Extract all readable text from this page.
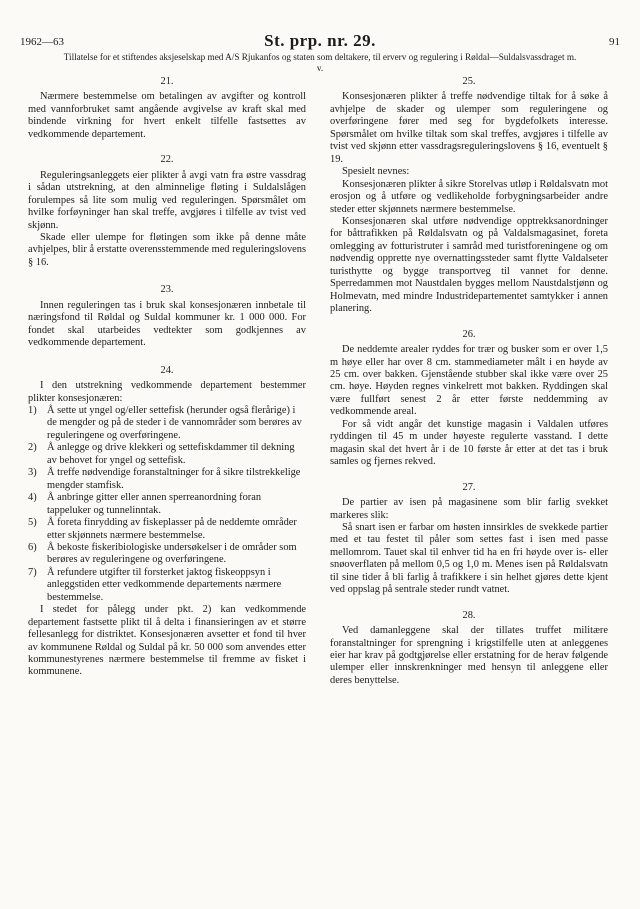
1962—63	St. prp. nr. 29.	91
Tillatelse for et stiftendes aksjeselskap med A/S Rjukanfos og staten som deltakere, til erverv og regulering i Røldal—Suldalsvassdraget m. v.
21.

Nærmere bestemmelse om betalingen av avgifter og kontroll med vannforbruket samt angående avgivelse av kraft skal med bindende virkning for hvert enkelt tilfelle fastsettes av vedkommende departement.

22.

Reguleringsanleggets eier plikter å avgi vatn fra østre vassdrag i sådan utstrekning, at den alminnelige fløting i Suldalslågen forulempes så lite som mulig ved reguleringen. Spørsmålet om hvilke forføyninger han skal treffe, avgjøres i tilfelle av tvist ved skjønn.

Skade eller ulempe for fløtingen som ikke på denne måte avhjelpes, blir å erstatte overensstemmende med reguleringslovens § 16.

23.

Innen reguleringen tas i bruk skal konsesjonæren innbetale til næringsfond til Røldal og Suldal kommuner kr. 1 000 000. For fondet skal utarbeides vedtekter som godkjennes av vedkommende departement.

24.

I den utstrekning vedkommende departement bestemmer plikter konsesjonæren:

1) Å sette ut yngel og/eller settefisk (herunder også flerårige) i de mengder og på de steder i de vannområder som berøres av reguleringene og overføringene.
2) Å anlegge og drive klekkeri og settefiskdammer til dekning av behovet for yngel og settefisk.
3) Å treffe nødvendige foranstaltninger for å sikre tilstrekkelige mengder stamfisk.
4) Å anbringe gitter eller annen sperreanordning foran tappeluker og tunnelinntak.
5) Å foreta finrydding av fiskeplasser på de neddemte områder etter skjønnets nærmere bestemmelse.
6) Å bekoste fiskeribiologiske undersøkelser i de områder som berøres av reguleringene og overføringene.
7) Å refundere utgifter til forsterket jaktog fiskeoppsyn i anleggstiden etter vedkommende departements nærmere bestemmelse.

I stedet for pålegg under pkt. 2) kan vedkommende departement fastsette plikt til å delta i finansieringen av et større fellesanlegg for distriktet. Konsesjonæren avsetter et fond til hver av kommunene Røldal og Suldal på kr. 50 000 som anvendes etter kommunestyrenes nærmere bestemmelse til fremme av fisket i kommunene.

25.

Konsesjonæren plikter å treffe nødvendige tiltak for å søke å avhjelpe de skader og ulemper som reguleringene og overføringene fører med seg for bygdefolkets interesse. Spørsmålet om hvilke tiltak som skal treffes, avgjøres i tilfelle av tvist ved skjønn etter vassdragsreguleringslovens § 16, eventuelt § 19.

Spesielt nevnes:

Konsesjonæren plikter å sikre Storelvas utløp i Røldalsvatn mot erosjon og å utføre og vedlikeholde forbygningsarbeider andre steder etter skjønnets nærmere bestemmelse.

Konsesjonæren skal utføre nødvendige opptrekksanordninger for båttrafikken på Røldalsvatn og på Valdalsmagasinet, foreta omlegging av fotturistruter i samråd med turistforeningene og om nødvendig opprette nye overnattingssteder samt flytte Valdalseter turisthytte og bygge transportveg til vannet for denne. Sperredammen mot Naustdalen bygges mellom Naustdalstjønn og Holmevatn, med mindre Industridepartementet samtykker i annen planering.

26.

De neddemte arealer ryddes for trær og busker som er over 1,5 m høye eller har over 8 cm. stammediameter målt i en høyde av 25 cm. over bakken. Gjenstående stubber skal ikke være over 25 cm. høye. Høyden regnes vinkelrett mot bakken. Ryddingen skal være fullført senest 2 år etter første neddemming av vedkommende areal.

For så vidt angår det kunstige magasin i Valdalen utføres ryddingen til 45 m under høyeste regulerte vasstand. I dette magasin skal det hvert år i de 10 første år etter at det tas i bruk samles og fjernes rekved.

27.

De partier av isen på magasinene som blir farlig svekket markeres slik:

Så snart isen er farbar om høsten innsirkles de svekkede partier med et tau festet til påler som settes fast i isen med passe mellomrom. Tauet skal til enhver tid ha en fri høyde over is- eller snøoverflaten på mellom 0,5 og 1,0 m. Menes isen på Røldalsvatn til sine tider å bli farlig å trafikkere i sin helhet gjøres dette kjent ved oppslag på sentrale steder rundt vatnet.

28.

Ved damanleggene skal der tillates truffet militære foranstaltninger for sprengning i krigstilfelle uten at anleggenes eier har krav på godtgjørelse eller erstatning for de herav følgende ulemper eller innskrenkninger med hensyn til anleggene eller deres benyttelse.
